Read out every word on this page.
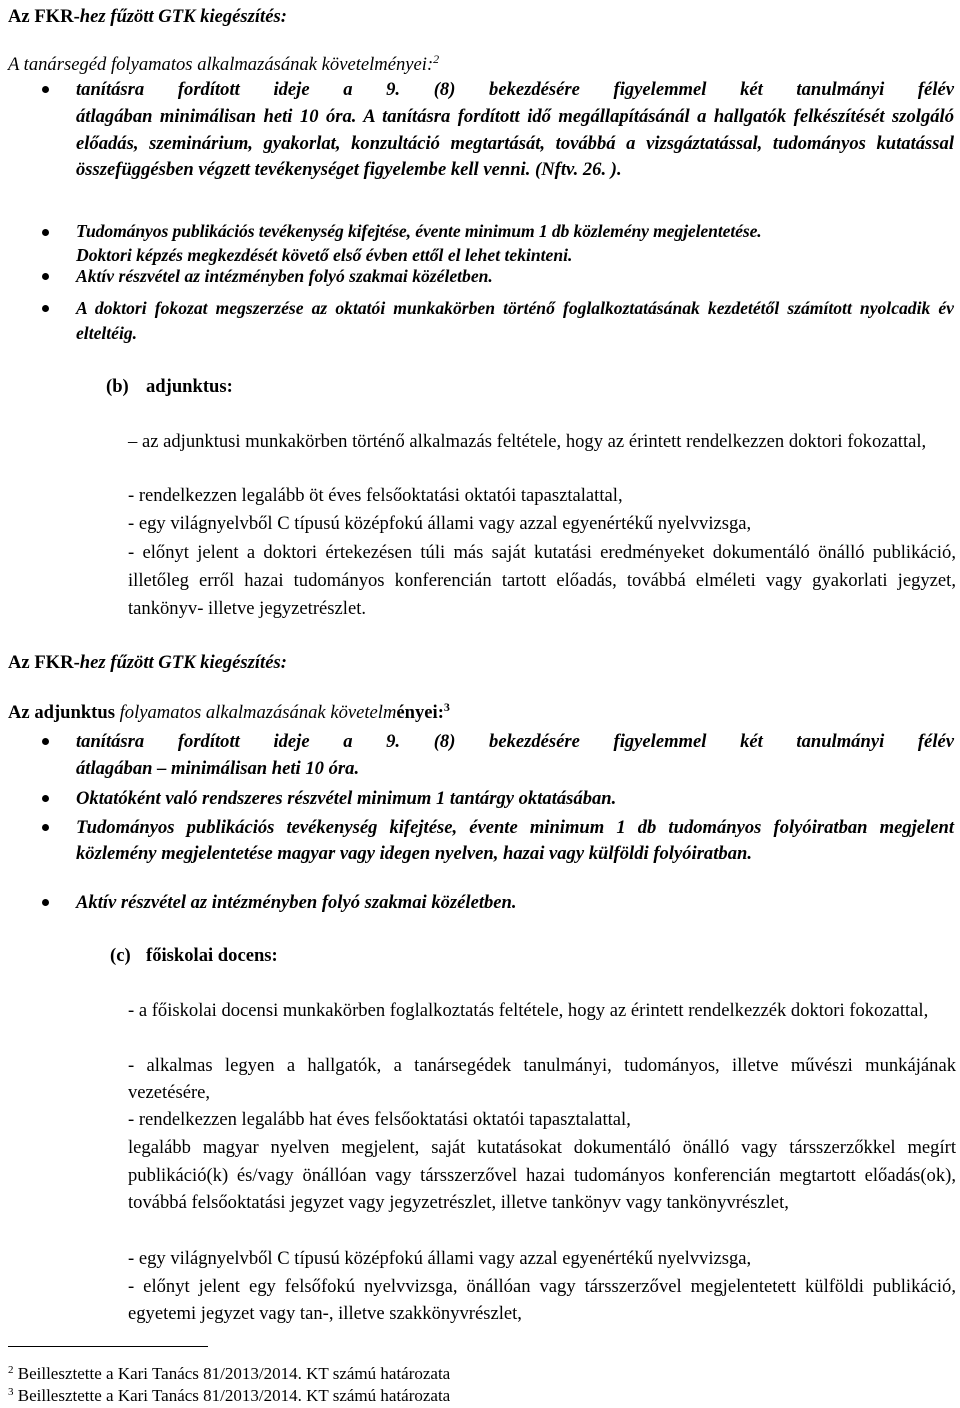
Az FKR-hez fűzött GTK kiegészítés:
A tanársegéd folyamatos alkalmazásának követelményei:$^2$
tanításra fordított ideje a 9. (8) bekezdésére figyelemmel két tanulmányi félév
átlagában minimálisan heti 10 óra. A tanításra fordított idő megállapításánál a hallgatók felkészítését szolgáló előadás, szeminárium, gyakorlat, konzultáció megtartását, továbbá a vizsgáztatással, tudományos kutatással összefüggésben végzett tevékenységet figyelembe kell venni. (Nftv. 26. ).
Tudományos publikációs tevékenység kifejtése, évente minimum 1 db közlemény megjelentetése.
Doktori képzés megkezdését követő első évben ettől el lehet tekinteni.
Aktív részvétel az intézményben folyó szakmai közéletben.
A doktori fokozat megszerzése az oktatói munkakörben történő foglalkoztatásának kezdetétől számított nyolcadik év elteltéig.
(b) adjunktus:
– az adjunktusi munkakörben történő alkalmazás feltétele, hogy az érintett rendelkezzen doktori fokozattal,
- rendelkezzen legalább öt éves felsőoktatási oktatói tapasztalattal,
- egy világnyelvből C típusú középfokú állami vagy azzal egyenértékű nyelvvizsga,
- előnyt jelent a doktori értekezésen túli más saját kutatási eredményeket dokumentáló önálló publikáció, illetőleg erről hazai tudományos konferencián tartott előadás, továbbá elméleti vagy gyakorlati jegyzet, tankönyv- illetve jegyzetrészlet.
Az FKR-hez fűzött GTK kiegészítés:
Az adjunktus folyamatos alkalmazásának követelményei:$^3$
tanításra fordított ideje a 9. (8) bekezdésére figyelemmel két tanulmányi félév
átlagában – minimálisan heti 10 óra.
Oktatóként való rendszeres részvétel minimum 1 tantárgy oktatásában.
Tudományos publikációs tevékenység kifejtése, évente minimum 1 db tudományos folyóiratban megjelent közlemény megjelentetése magyar vagy idegen nyelven, hazai vagy külföldi folyóiratban.
Aktív részvétel az intézményben folyó szakmai közéletben.
(c) főiskolai docens:
- a főiskolai docensi munkakörben foglalkoztatás feltétele, hogy az érintett rendelkezzék doktori fokozattal,
- alkalmas legyen a hallgatók, a tanársegédek tanulmányi, tudományos, illetve művészi munkájának vezetésére,
- rendelkezzen legalább hat éves felsőoktatási oktatói tapasztalattal,
legalább magyar nyelven megjelent, saját kutatásokat dokumentáló önálló vagy társszerzőkkel megírt publikáció(k) és/vagy önállóan vagy társszerzővel hazai tudományos konferencián megtartott előadás(ok), továbbá felsőoktatási jegyzet vagy jegyzetrészlet, illetve tankönyv vagy tankönyvrészlet,
- egy világnyelvből C típusú középfokú állami vagy azzal egyenértékű nyelvvizsga,
- előnyt jelent egy felsőfokú nyelvvizsga, önállóan vagy társszerzővel megjelentetett külföldi publikáció, egyetemi jegyzet vagy tan-, illetve szakkönyvrészlet,
$^2$ Beillesztette a Kari Tanács 81/2013/2014. KT számú határozata
$^3$ Beillesztette a Kari Tanács 81/2013/2014. KT számú határozata
